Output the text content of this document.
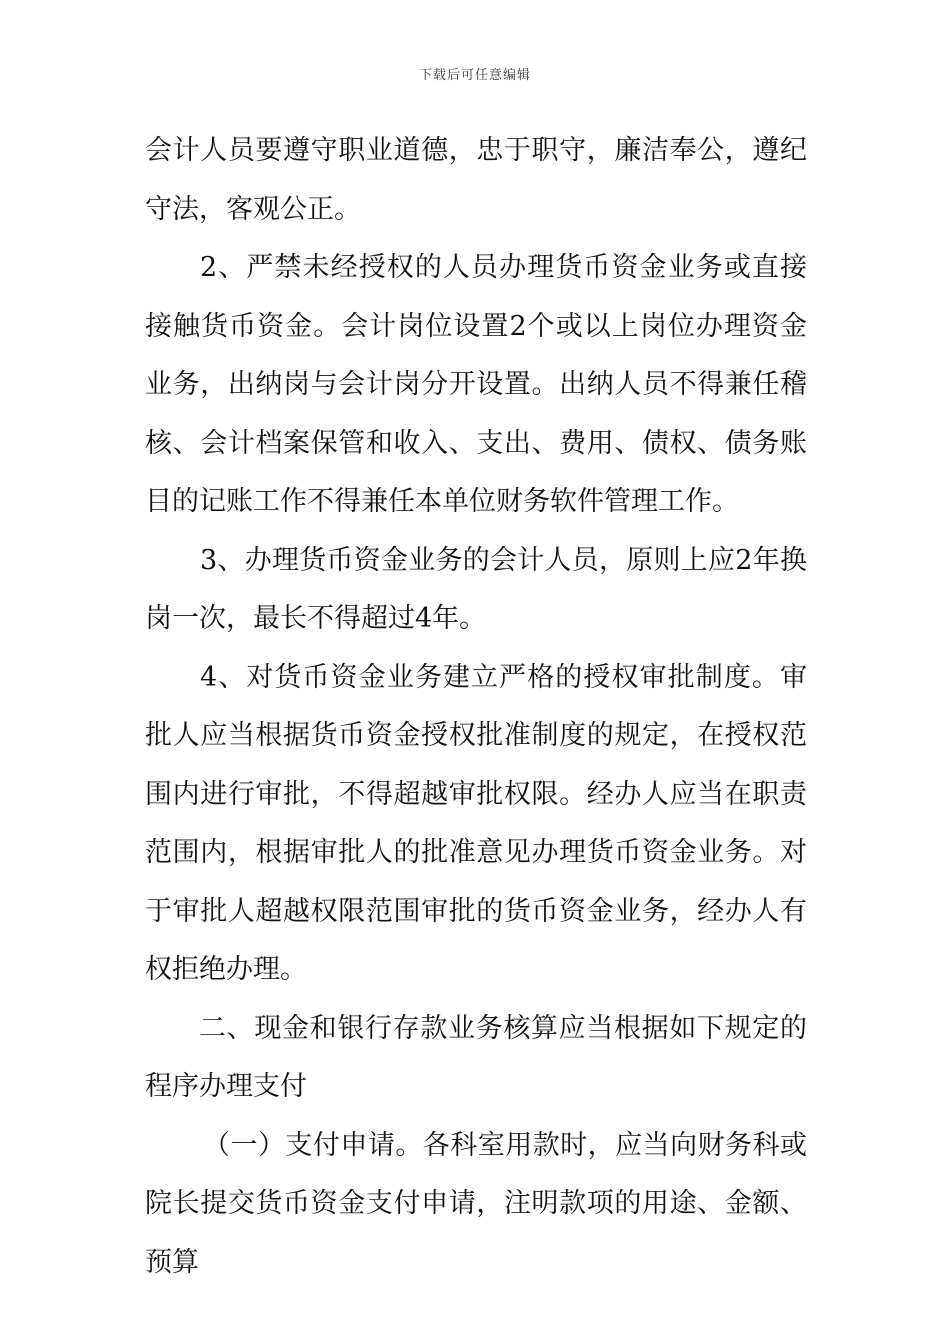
下载后可任意编辑

会计人员要遵守职业道德，忠于职守，廉洁奉公，遵纪守法，客观公正。

2、严禁未经授权的人员办理货币资金业务或直接接触货币资金。会计岗位设置2个或以上岗位办理资金业务，出纳岗与会计岗分开设置。出纳人员不得兼任稽核、会计档案保管和收入、支出、费用、债权、债务账目的记账工作不得兼任本单位财务软件管理工作。

3、办理货币资金业务的会计人员，原则上应2年换岗一次，最长不得超过4年。

4、对货币资金业务建立严格的授权审批制度。审批人应当根据货币资金授权批准制度的规定，在授权范围内进行审批，不得超越审批权限。经办人应当在职责范围内，根据审批人的批准意见办理货币资金业务。对于审批人超越权限范围审批的货币资金业务，经办人有权拒绝办理。

二、现金和银行存款业务核算应当根据如下规定的程序办理支付

（一）支付申请。各科室用款时，应当向财务科或院长提交货币资金支付申请，注明款项的用途、金额、预算
